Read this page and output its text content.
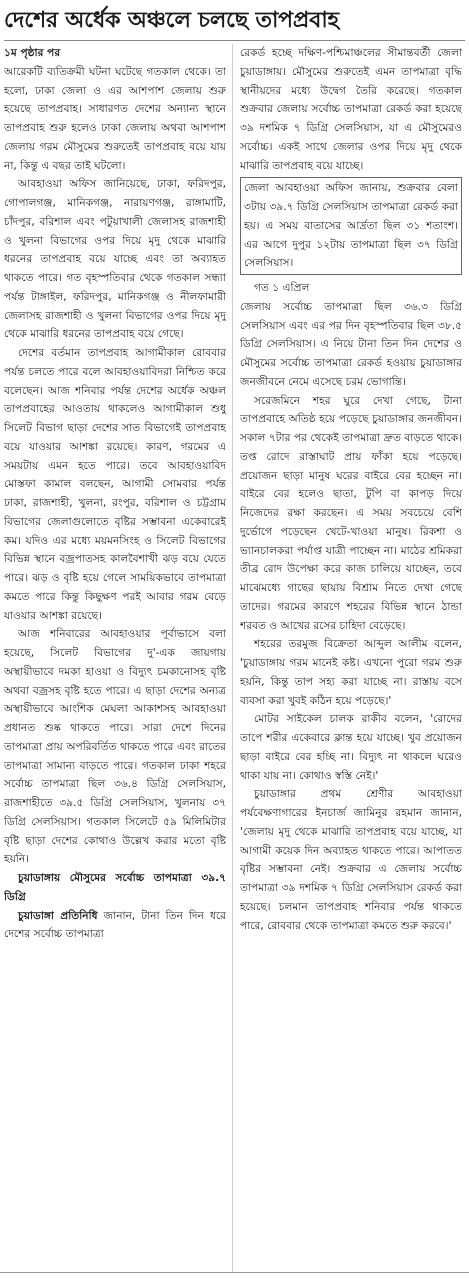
দেশের অর্ধেক অঞ্চলে চলছে তাপপ্রবাহ

১ম পৃষ্ঠার পর
আরেকটি ব্যতিক্রমী ঘটনা ঘটেছে গতকাল থেকে। তা হলো, ঢাকা জেলা ও এর আশপাশ জেলায় শুরু হয়েছে তাপপ্রবাহ। সাধারণত দেশের অন্যান্য স্থানে তাপপ্রবাহ শুরু হলেও ঢাকা জেলায় অথবা আশপাশ জেলায় গরম মৌসুমের শুরুতেই তাপপ্রবাহ বয়ে যায় না, কিন্তু এ বছর তাই ঘটলো।

আবহাওয়া অফিস জানিয়েছে, ঢাকা, ফরিদপুর, গোপালগঞ্জ, মানিকগঞ্জ, নারায়ণগঞ্জ, রাঙ্গামাটি, চাঁদপুর, বরিশাল এবং পটুয়াখালী জেলাসহ রাজশাহী ও খুলনা বিভাগের ওপর দিয়ে মৃদু থেকে মাঝারি ধরনের তাপপ্রবাহ বয়ে যাচ্ছে এবং তা অব্যাহত থাকতে পারে। গত বৃহস্পতিবার থেকে গতকাল সন্ধ্যা পর্যন্ত টাঙ্গাইল, ফরিদপুর, মানিকগঞ্জ ও নীলফামারী জেলাসহ রাজশাহী ও খুলনা বিভাগের ওপর দিয়ে মৃদু থেকে মাঝারি ধরনের তাপপ্রবাহ বয়ে গেছে।

দেশের বর্তমান তাপপ্রবাহ আগামীকাল রোববার পর্যন্ত চলতে পারে বলে আবহাওয়াবিদরা নিশ্চিত করে বলেছেন। আজ শনিবার পর্যন্ত দেশের অর্ধেক অঞ্চল তাপপ্রবাহের আওতায় থাকলেও আগামীকাল শুধু সিলেট বিভাগ ছাড়া দেশের সাত বিভাগেই তাপপ্রবাহ বয়ে যাওয়ার আশঙ্কা রয়েছে। কারণ, গরমের এ সময়টায় এমন হতে পারে। তবে আবহাওয়াবিদ মোস্তফা কামাল বলছেন, আগামী সোমবার পর্যন্ত ঢাকা, রাজশাহী, খুলনা, রংপুর, বরিশাল ও চট্টগ্রাম বিভাগের জেলাগুলোতে বৃষ্টির সম্ভাবনা একেবারেই কম। যদিও এর মধ্যে ময়মনসিংহ ও সিলেট বিভাগের বিভিন্ন স্থানে বজ্রপাতসহ কালবৈশাখী ঝড় বয়ে যেতে পারে। ঝড় ও বৃষ্টি হয়ে গেলে সাময়িকভাবে তাপমাত্রা কমতে পারে কিন্তু কিছুক্ষণ পরই আবার গরম বেড়ে যাওয়ার আশঙ্কা রয়েছে।

আজ শনিবারের আবহাওয়ার পূর্বাভাসে বলা হয়েছে, সিলেট বিভাগের দু'-এক জায়গায় অস্থায়ীভাবে দমকা হাওয়া ও বিদ্যুৎ চমকানোসহ বৃষ্টি অথবা বজ্রসহ বৃষ্টি হতে পারে। এ ছাড়া দেশের অন্যত্র অস্থায়ীভাবে আংশিক মেঘলা আকাশসহ আবহাওয়া প্রধানত শুষ্ক থাকতে পারে। সারা দেশে দিনের তাপমাত্রা প্রায় অপরিবর্তিত থাকতে পারে এবং রাতের তাপমাত্রা সামান্য বাড়তে পারে। গতকাল ঢাকা শহরে সর্বোচ্চ তাপমাত্রা ছিল ৩৬.৪ ডিগ্রি সেলসিয়াস, রাজশাহীতে ৩৯.৫ ডিগ্রি সেলসিয়াস, খুলনায় ৩৭ ডিগ্রি সেলসিয়াস। গতকাল সিলেটে ৫৯ মিলিমিটার বৃষ্টি ছাড়া দেশের কোথাও উল্লেখ করার মতো বৃষ্টি হয়নি।

চুয়াডাঙ্গায় মৌসুমের সর্বোচ্চ তাপমাত্রা ৩৯.৭ ডিগ্রি

চুয়াডাঙ্গা প্রতিনিধি জানান, টানা তিন দিন ধরে দেশের সর্বোচ্চ তাপমাত্রা

রেকর্ড হচ্ছে দক্ষিণ-পশ্চিমাঞ্চলের সীমান্তবর্তী জেলা চুয়াডাঙ্গায়। মৌসুমের শুরুতেই এমন তাপমাত্রা বৃদ্ধি স্থানীয়দের মধ্যে উদ্বেগ তৈরি করেছে। গতকাল শুক্রবার জেলায় সর্বোচ্চ তাপমাত্রা রেকর্ড করা হয়েছে ৩৯ দশমিক ৭ ডিগ্রি সেলসিয়াস, যা এ মৌসুমেরও সর্বোচ্চ। একই সাথে জেলার ওপর দিয়ে মৃদু থেকে মাঝারি তাপপ্রবাহ বয়ে যাচ্ছে।

জেলা আবহাওয়া অফিস জানায়, শুক্রবার বেলা ৩টায় ৩৯.৭ ডিগ্রি সেলসিয়াস তাপমাত্রা রেকর্ড করা হয়। এ সময় বাতাসের আর্দ্রতা ছিল ৩১ শতাংশ। এর আগে দুপুর ১২টায় তাপমাত্রা ছিল ৩৭ ডিগ্রি সেলসিয়াস।

গত ১ এপ্রিল

জেলায় সর্বোচ্চ তাপমাত্রা ছিল ৩৬.৩ ডিগ্রি সেলসিয়াস এবং এর পর দিন বৃহস্পতিবার ছিল ৩৮.৫ ডিগ্রি সেলসিয়াস। এ নিয়ে টানা তিন দিন দেশের ও মৌসুমের সর্বোচ্চ তাপমাত্রা রেকর্ড হওয়ায় চুয়াডাঙ্গার জনজীবনে নেমে এসেছে চরম ভোগান্তি।

সরেজমিনে শহর ঘুরে দেখা গেছে, টানা তাপপ্রবাহে অতিষ্ঠ হয়ে পড়েছে চুয়াডাঙ্গার জনজীবন। সকাল ৭টার পর থেকেই তাপমাত্রা দ্রুত বাড়তে থাকে। তপ্ত রোদে রাস্তাঘাট প্রায় ফাঁকা হয়ে পড়েছে। প্রয়োজন ছাড়া মানুষ ঘরের বাইরে বের হচ্ছেন না। বাইরে বের হলেও ছাতা, টুপি বা কাপড় দিয়ে নিজেদের রক্ষা করছেন। এ সময় সবচেয়ে বেশি দুর্ভোগে পড়েছেন খেটে-খাওয়া মানুষ। রিকশা ও ভ্যানচালকরা পর্যাপ্ত যাত্রী পাচ্ছেন না। মাঠের শ্রমিকরা তীব্র রোদ উপেক্ষা করে কাজ চালিয়ে যাচ্ছেন, তবে মাঝেমধ্যে গাছের ছায়ায় বিশ্রাম নিতে দেখা গেছে তাদের। গরমের কারণে শহরের বিভিন্ন স্থানে ঠান্ডা শরবত ও আখের রসের চাহিদা বেড়েছে।

শহরের তরমুজ বিক্রেতা আব্দুল আলীম বলেন, 'চুয়াডাঙ্গায় গরম মানেই কষ্ট। এখনো পুরো গরম শুরু হয়নি, কিন্তু তাপ সহ্য করা যাচ্ছে না। রাস্তায় বসে ব্যবসা করা খুবই কঠিন হয়ে পড়েছে।'

মোটর সাইকেল চালক রাকীব বলেন, 'রোদের তাপে শরীর একেবারে ক্লান্ত হয়ে যাচ্ছে। খুব প্রয়োজন ছাড়া বাইরে বের হচ্ছি না। বিদ্যুৎ না থাকলে ঘরেও থাকা যায় না। কোথাও স্বস্তি নেই।'

চুয়াডাঙ্গার প্রথম শ্রেণীর আবহাওয়া পর্যবেক্ষণাগারের ইনচার্জ জামিনুর রহমান জানান, 'জেলায় মৃদু থেকে মাঝারি তাপপ্রবাহ বয়ে যাচ্ছে, যা আগামী কয়েক দিন অব্যাহত থাকতে পারে। আপাতত বৃষ্টির সম্ভাবনা নেই। শুক্রবার এ জেলায় সর্বোচ্চ তাপমাত্রা ৩৯ দশমিক ৭ ডিগ্রি সেলসিয়াস রেকর্ড করা হয়েছে। চলমান তাপপ্রবাহ শনিবার পর্যন্ত থাকতে পারে, রোববার থেকে তাপমাত্রা কমতে শুরু করবে।'
